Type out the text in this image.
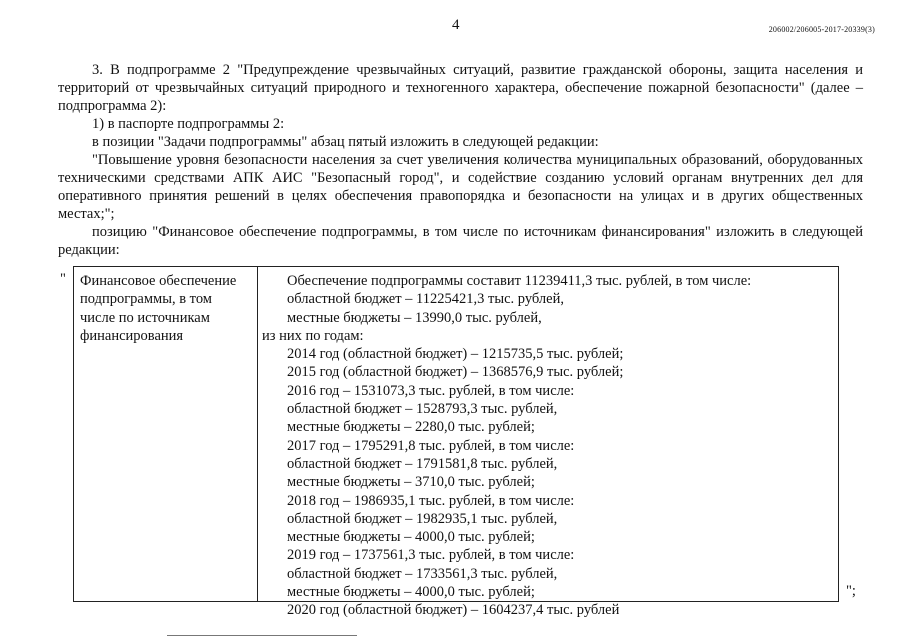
4	206002/206005-2017-20339(3)

3. В подпрограмме 2 "Предупреждение чрезвычайных ситуаций, развитие гражданской обороны, защита населения и территорий от чрезвычайных ситуаций природного и техногенного характера, обеспечение пожарной безопасности" (далее – подпрограмма 2):

1) в паспорте подпрограммы 2:

в позиции "Задачи подпрограммы" абзац пятый изложить в следующей редакции:

"Повышение уровня безопасности населения за счет увеличения количества муниципальных образований, оборудованных техническими средствами АПК АИС "Безопасный город", и содействие созданию условий органам внутренних дел для оперативного принятия решений в целях обеспечения правопорядка и безопасности на улицах и в других общественных местах;";

позицию "Финансовое обеспечение подпрограммы, в том числе по источникам финансирования" изложить в следующей редакции:

" Финансовое обеспечение
подпрограммы, в том
числе по источникам
финансирования
Обеспечение подпрограммы составит 11239411,3 тыс. рублей, в том числе:
областной бюджет – 11225421,3 тыс. рублей,
местные бюджеты – 13990,0 тыс. рублей,
из них по годам:
2014 год (областной бюджет) – 1215735,5 тыс. рублей;
2015 год (областной бюджет) – 1368576,9 тыс. рублей;
2016 год – 1531073,3 тыс. рублей, в том числе:
областной бюджет – 1528793,3 тыс. рублей,
местные бюджеты – 2280,0 тыс. рублей;
2017 год – 1795291,8 тыс. рублей, в том числе:
областной бюджет – 1791581,8 тыс. рублей,
местные бюджеты – 3710,0 тыс. рублей;
2018 год – 1986935,1 тыс. рублей, в том числе:
областной бюджет – 1982935,1 тыс. рублей,
местные бюджеты – 4000,0 тыс. рублей;
2019 год – 1737561,3 тыс. рублей, в том числе:
областной бюджет – 1733561,3 тыс. рублей,
местные бюджеты – 4000,0 тыс. рублей;
2020 год (областной бюджет) – 1604237,4 тыс. рублей
";
